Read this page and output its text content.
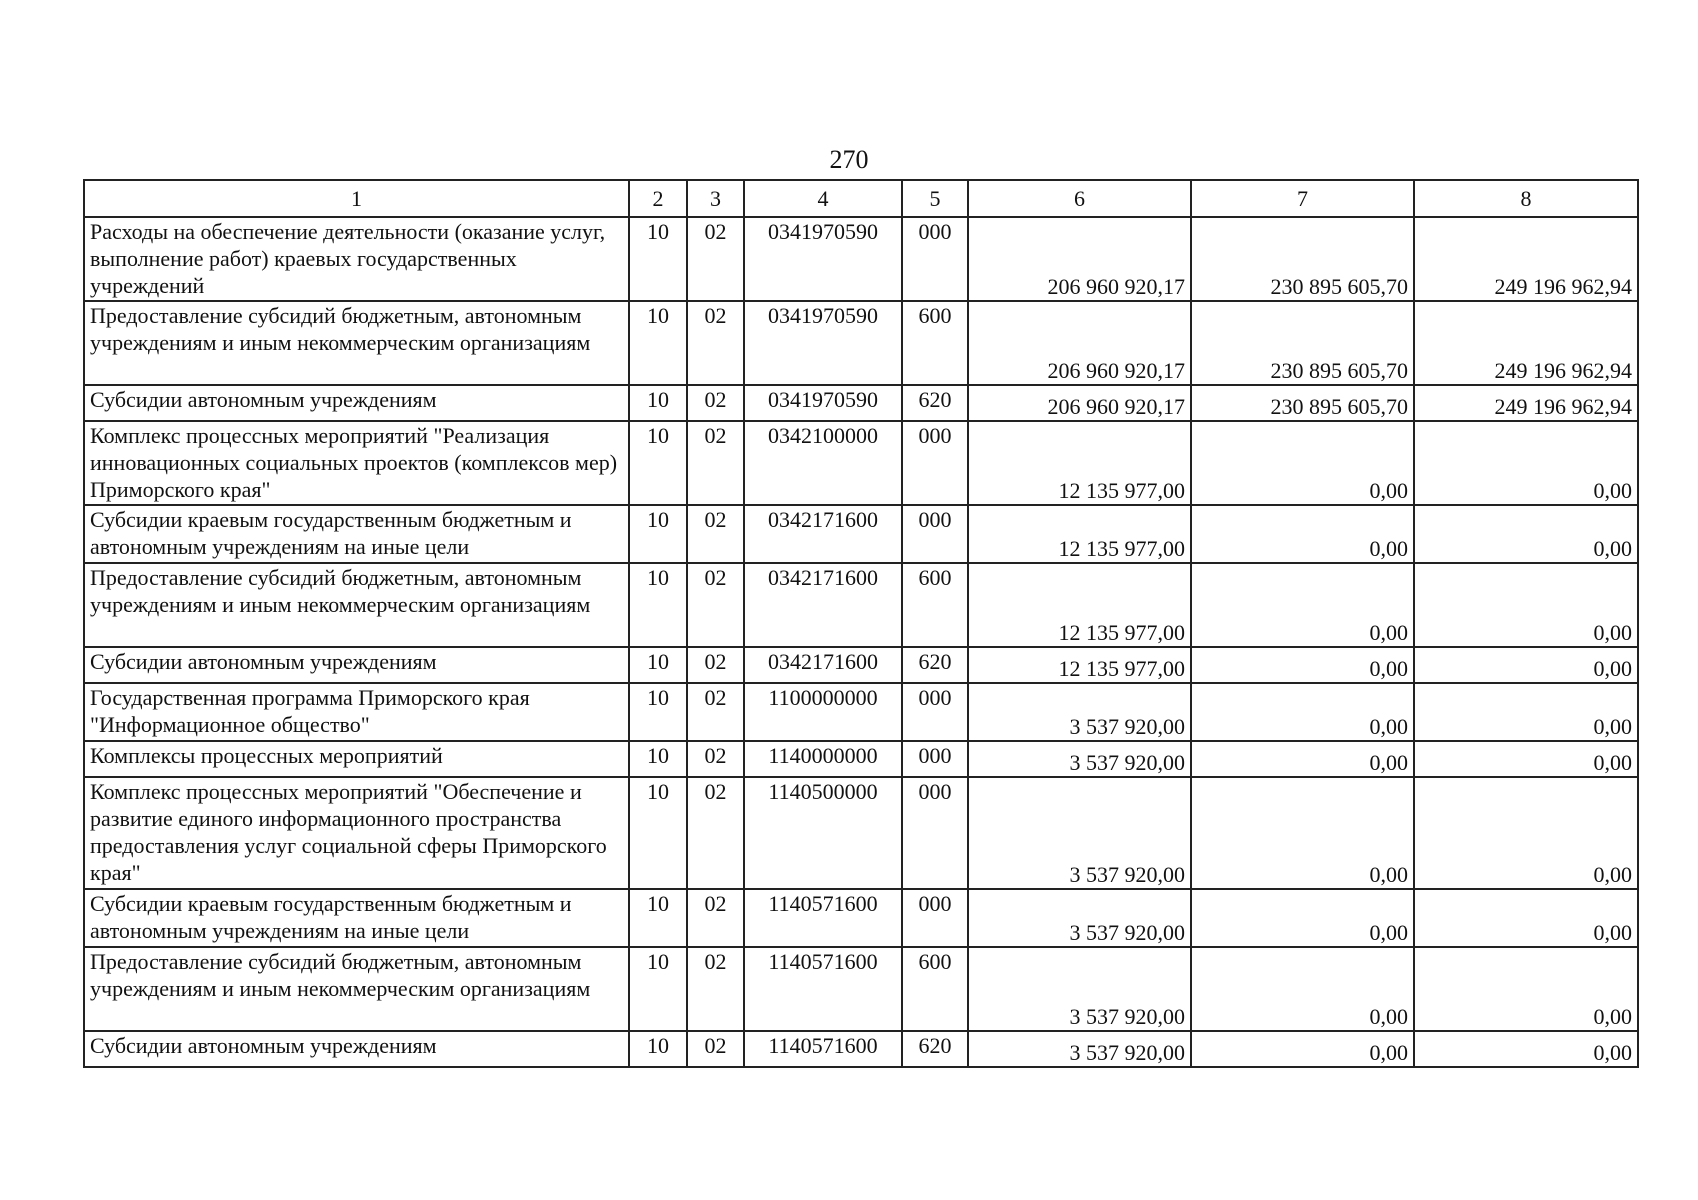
270
1	2	3	4	5	6	7	8
Расходы на обеспечение деятельности (оказание услуг, выполнение работ) краевых государственных учреждений	10	02	0341970590	000	206 960 920,17	230 895 605,70	249 196 962,94
Предоставление субсидий бюджетным, автономным учреждениям и иным некоммерческим организациям	10	02	0341970590	600	206 960 920,17	230 895 605,70	249 196 962,94
Субсидии автономным учреждениям	10	02	0341970590	620	206 960 920,17	230 895 605,70	249 196 962,94
Комплекс процессных мероприятий "Реализация инновационных социальных проектов (комплексов мер) Приморского края"	10	02	0342100000	000	12 135 977,00	0,00	0,00
Субсидии краевым государственным бюджетным и автономным учреждениям на иные цели	10	02	0342171600	000	12 135 977,00	0,00	0,00
Предоставление субсидий бюджетным, автономным учреждениям и иным некоммерческим организациям	10	02	0342171600	600	12 135 977,00	0,00	0,00
Субсидии автономным учреждениям	10	02	0342171600	620	12 135 977,00	0,00	0,00
Государственная программа Приморского края "Информационное общество"	10	02	1100000000	000	3 537 920,00	0,00	0,00
Комплексы процессных мероприятий	10	02	1140000000	000	3 537 920,00	0,00	0,00
Комплекс процессных мероприятий "Обеспечение и развитие единого информационного пространства предоставления услуг социальной сферы Приморского края"	10	02	1140500000	000	3 537 920,00	0,00	0,00
Субсидии краевым государственным бюджетным и автономным учреждениям на иные цели	10	02	1140571600	000	3 537 920,00	0,00	0,00
Предоставление субсидий бюджетным, автономным учреждениям и иным некоммерческим организациям	10	02	1140571600	600	3 537 920,00	0,00	0,00
Субсидии автономным учреждениям	10	02	1140571600	620	3 537 920,00	0,00	0,00
